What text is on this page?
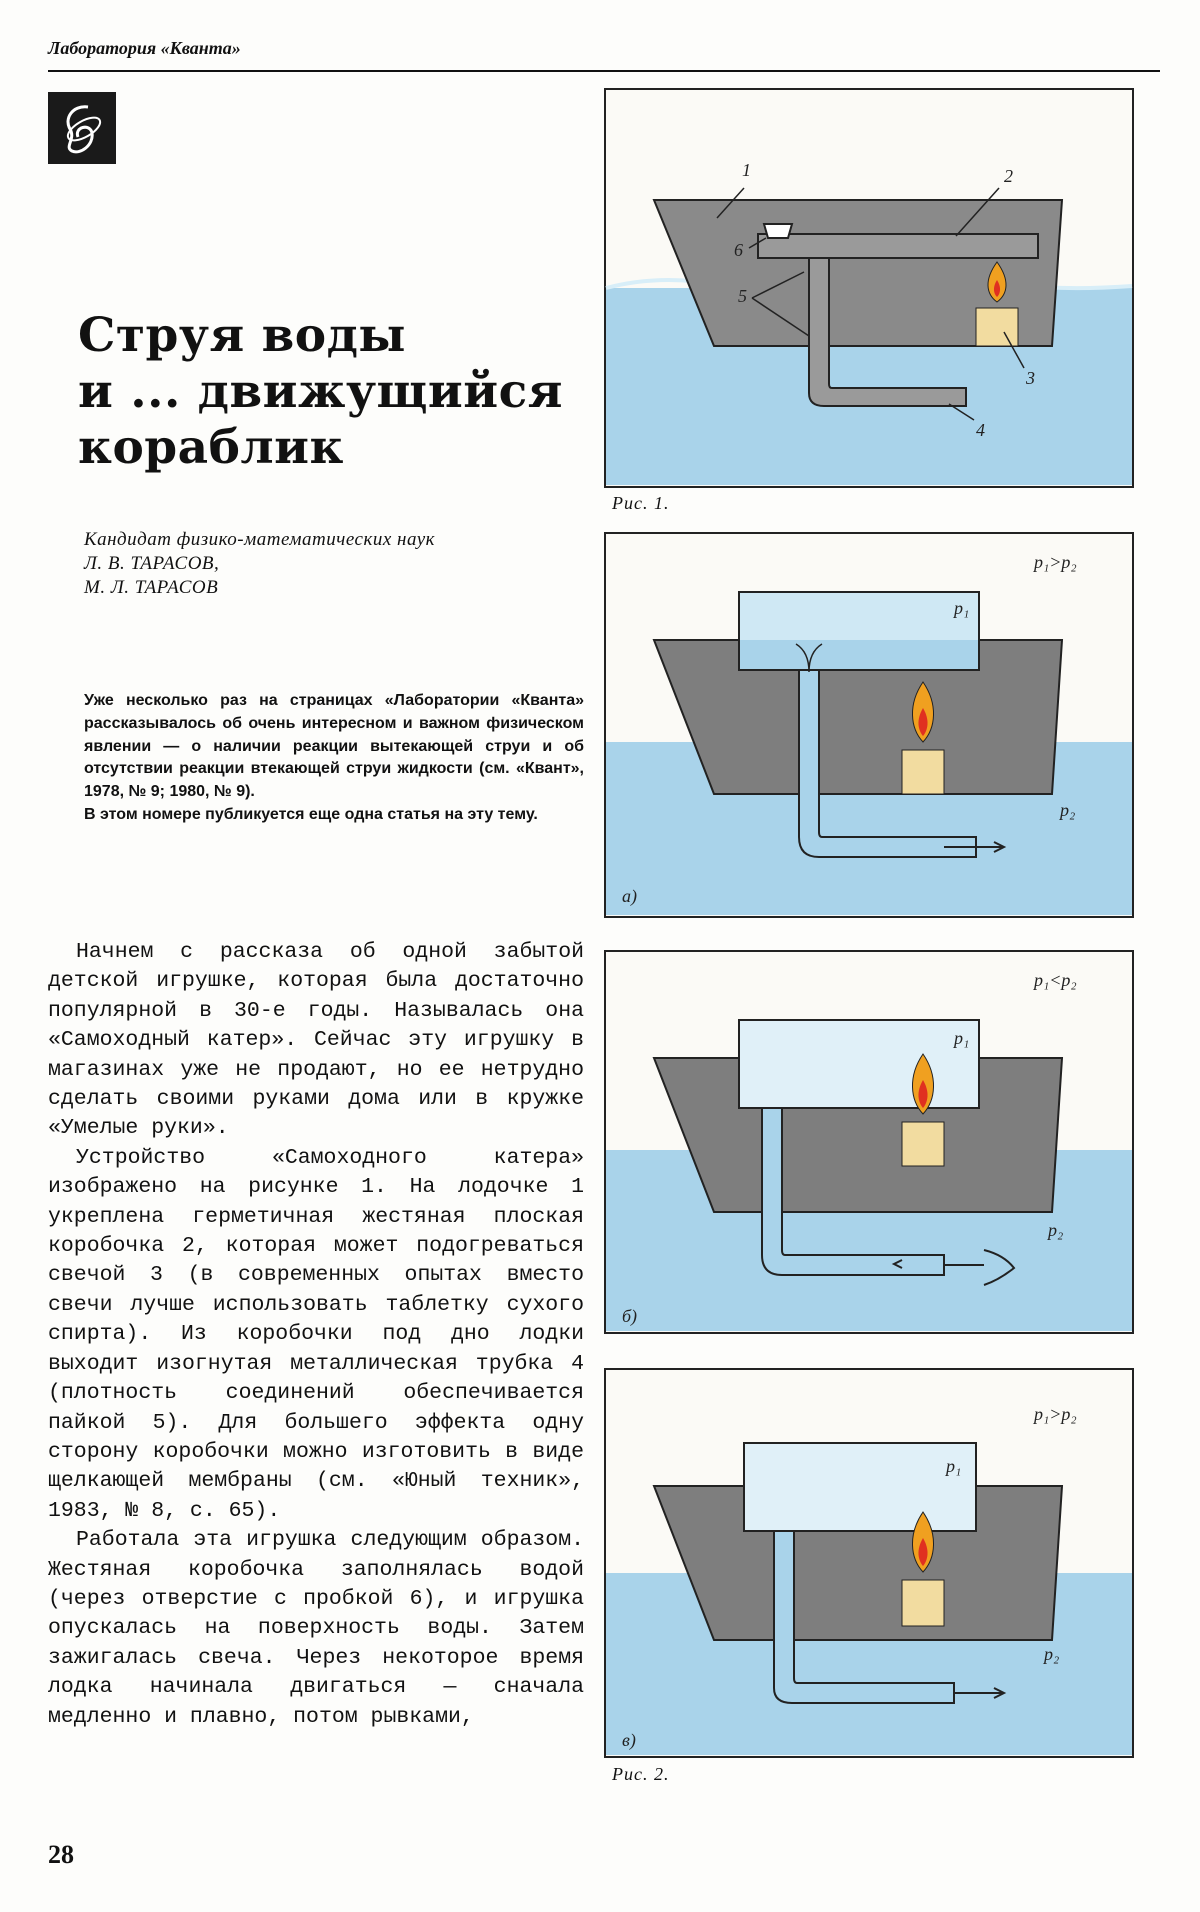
Лаборатория «Кванта»
Струя воды
и ... движущийся
кораблик
Кандидат физико-математических наук
Л. В. ТАРАСОВ,
М. Л. ТАРАСОВ

Уже несколько раз на страницах «Лаборатории «Кванта» рассказывалось об очень интересном и важном физическом явлении — о наличии реакции вытекающей струи и об отсутствии реакции втекающей струи жидкости (см. «Квант», 1978, № 9; 1980, № 9).

В этом номере публикуется еще одна статья на эту тему.

Начнем с рассказа об одной забытой детской игрушке, которая была достаточно популярной в 30-е годы. Называлась она «Самоходный катер». Сейчас эту игрушку в магазинах уже не продают, но ее нетрудно сделать своими руками дома или в кружке «Умелые руки».

Устройство «Самоходного катера» изображено на рисунке 1. На лодочке 1 укреплена герметичная жестяная плоская коробочка 2, которая может подогреваться свечой 3 (в современных опытах вместо свечи лучше использовать таблетку сухого спирта). Из коробочки под дно лодки выходит изогнутая металлическая трубка 4 (плотность соединений обеспечивается пайкой 5). Для большего эффекта одну сторону коробочки можно изготовить в виде щелкающей мембраны (см. «Юный техник», 1983, № 8, с. 65).

Работала эта игрушка следующим образом. Жестяная коробочка заполнялась водой (через отверстие с пробкой 6), и игрушка опускалась на поверхность воды. Затем зажигалась свеча. Через некоторое время лодка начинала двигаться — сначала медленно и плавно, потом рывками,

28
1	2
3
4
5
6
Рис. 1.
p₁>p₂
p₁
p₂
а)
p₁<p₂
p₁
p₂
б)
p₁>p₂
p₁
p₂
в)
Рис. 2.
